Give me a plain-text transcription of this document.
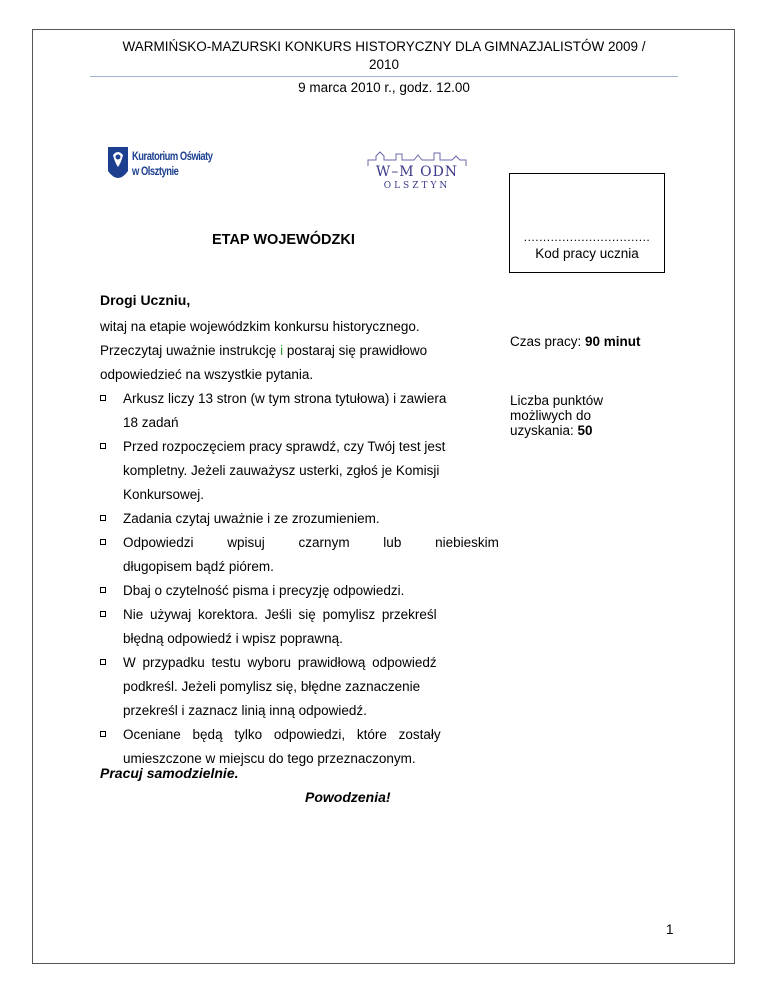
WARMIŃSKO-MAZURSKI KONKURS HISTORYCZNY DLA GIMNAZJALISTÓW 2009 /
2010
9 marca 2010 r., godz. 12.00
Kuratorium Oświaty
w Olsztynie	W–M ODN
OLSZTYN
.................................
Kod pracy ucznia
ETAP WOJEWÓDZKI
Drogi Uczniu,
witaj na etapie wojewódzkim konkursu historycznego.
Przeczytaj uważnie instrukcję i postaraj się prawidłowo
odpowiedzieć na wszystkie pytania.
Arkusz liczy 13 stron (w tym strona tytułowa) i zawiera
18 zadań
Przed rozpoczęciem pracy sprawdź, czy Twój test jest
kompletny. Jeżeli zauważysz usterki, zgłoś je Komisji
Konkursowej.
Zadania czytaj uważnie i ze zrozumieniem.
Odpowiedzi wpisuj czarnym lub niebieskim
długopisem bądź piórem.
Dbaj o czytelność pisma i precyzję odpowiedzi.
Nie używaj korektora. Jeśli się pomylisz przekreśl
błędną odpowiedź i wpisz poprawną.
W przypadku testu wyboru prawidłową odpowiedź
podkreśl. Jeżeli pomylisz się, błędne zaznaczenie
przekreśl i zaznacz linią inną odpowiedź.
Oceniane będą tylko odpowiedzi, które zostały
umieszczone w miejscu do tego przeznaczonym.
Czas pracy: 90 minut
Liczba punktów
możliwych do
uzyskania: 50
Pracuj samodzielnie.
Powodzenia!
1
